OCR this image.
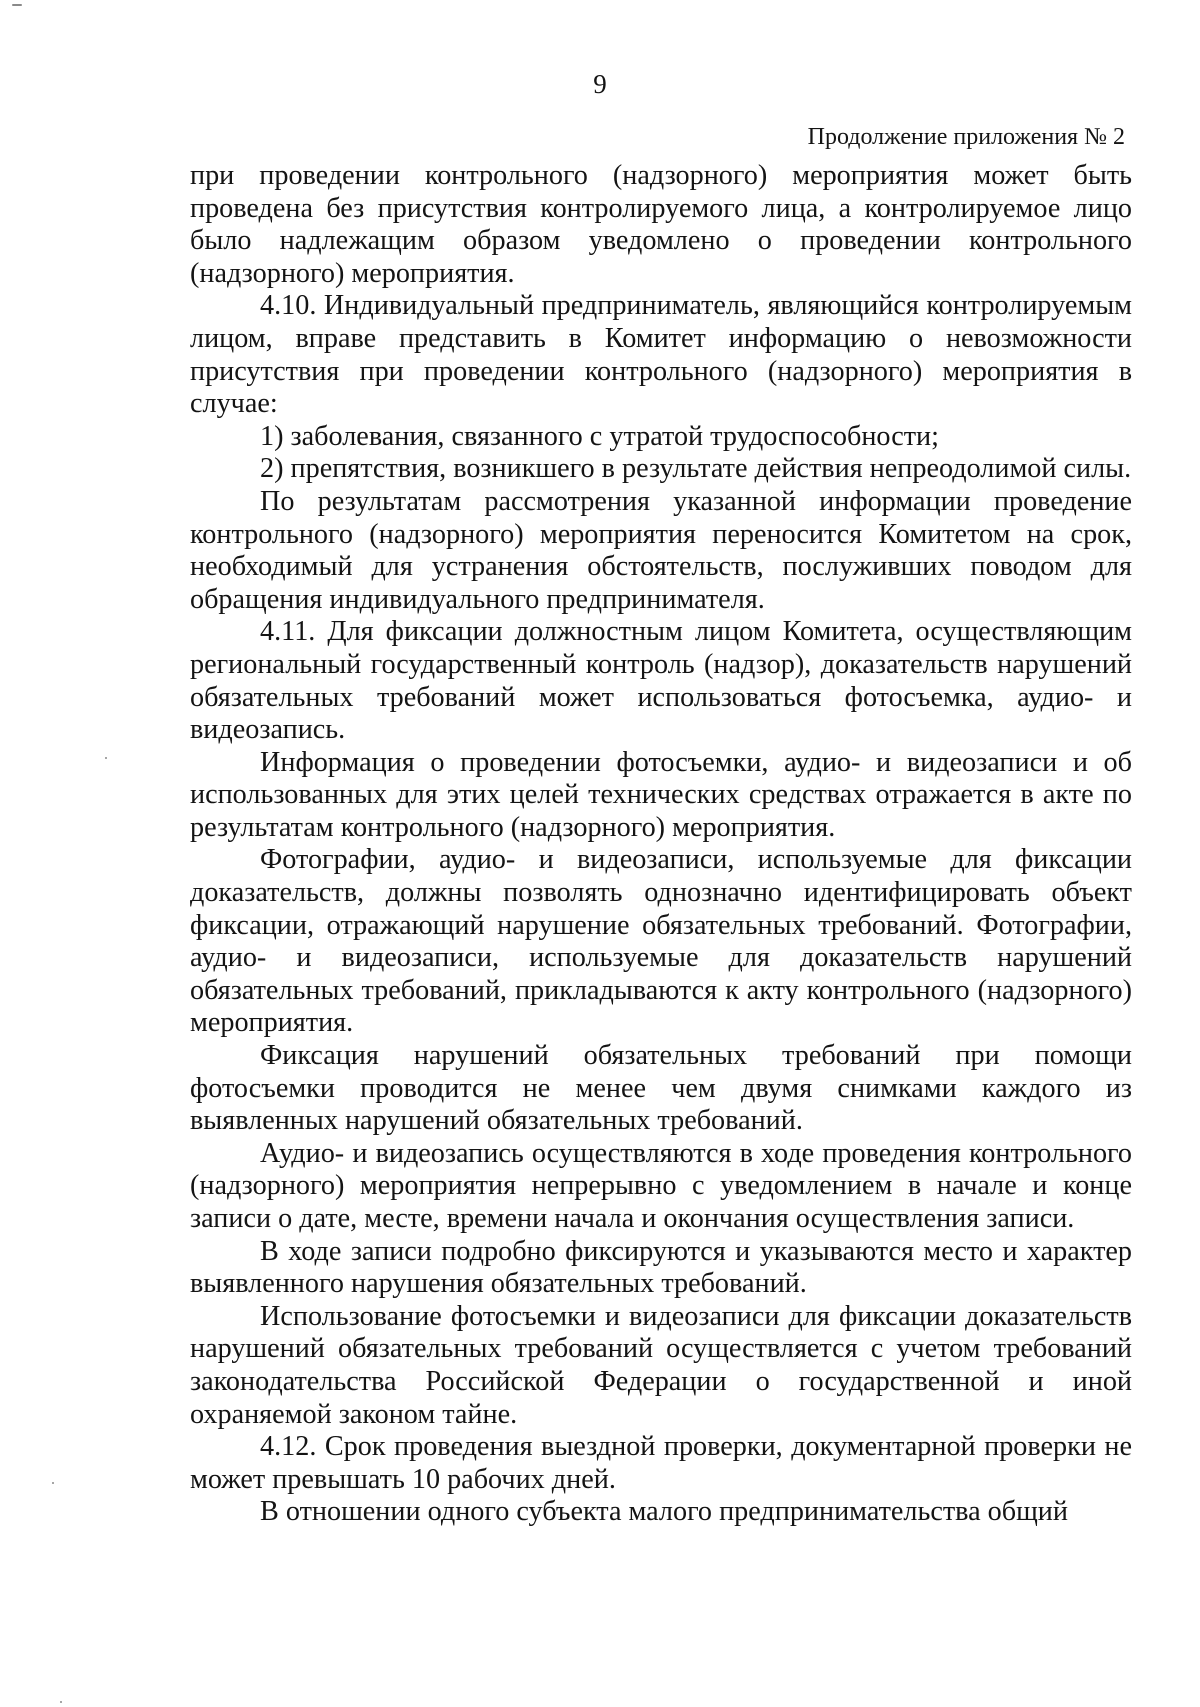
9
Продолжение приложения № 2

при проведении контрольного (надзорного) мероприятия может быть проведена без присутствия контролируемого лица, а контролируемое лицо было надлежащим образом уведомлено о проведении контрольного (надзорного) мероприятия.

4.10. Индивидуальный предприниматель, являющийся контролируемым лицом, вправе представить в Комитет информацию о невозможности присутствия при проведении контрольного (надзорного) мероприятия в случае:

1) заболевания, связанного с утратой трудоспособности;

2) препятствия, возникшего в результате действия непреодолимой силы.

По результатам рассмотрения указанной информации проведение контрольного (надзорного) мероприятия переносится Комитетом на срок, необходимый для устранения обстоятельств, послуживших поводом для обращения индивидуального предпринимателя.

4.11. Для фиксации должностным лицом Комитета, осуществляющим региональный государственный контроль (надзор), доказательств нарушений обязательных требований может использоваться фотосъемка, аудио- и видеозапись.

Информация о проведении фотосъемки, аудио- и видеозаписи и об использованных для этих целей технических средствах отражается в акте по результатам контрольного (надзорного) мероприятия.

Фотографии, аудио- и видеозаписи, используемые для фиксации доказательств, должны позволять однозначно идентифицировать объект фиксации, отражающий нарушение обязательных требований. Фотографии, аудио- и видеозаписи, используемые для доказательств нарушений обязательных требований, прикладываются к акту контрольного (надзорного) мероприятия.

Фиксация нарушений обязательных требований при помощи фотосъемки проводится не менее чем двумя снимками каждого из выявленных нарушений обязательных требований.

Аудио- и видеозапись осуществляются в ходе проведения контрольного (надзорного) мероприятия непрерывно с уведомлением в начале и конце записи о дате, месте, времени начала и окончания осуществления записи.

В ходе записи подробно фиксируются и указываются место и характер выявленного нарушения обязательных требований.

Использование фотосъемки и видеозаписи для фиксации доказательств нарушений обязательных требований осуществляется с учетом требований законодательства Российской Федерации о государственной и иной охраняемой законом тайне.

4.12. Срок проведения выездной проверки, документарной проверки не может превышать 10 рабочих дней.

В отношении одного субъекта малого предпринимательства общий
